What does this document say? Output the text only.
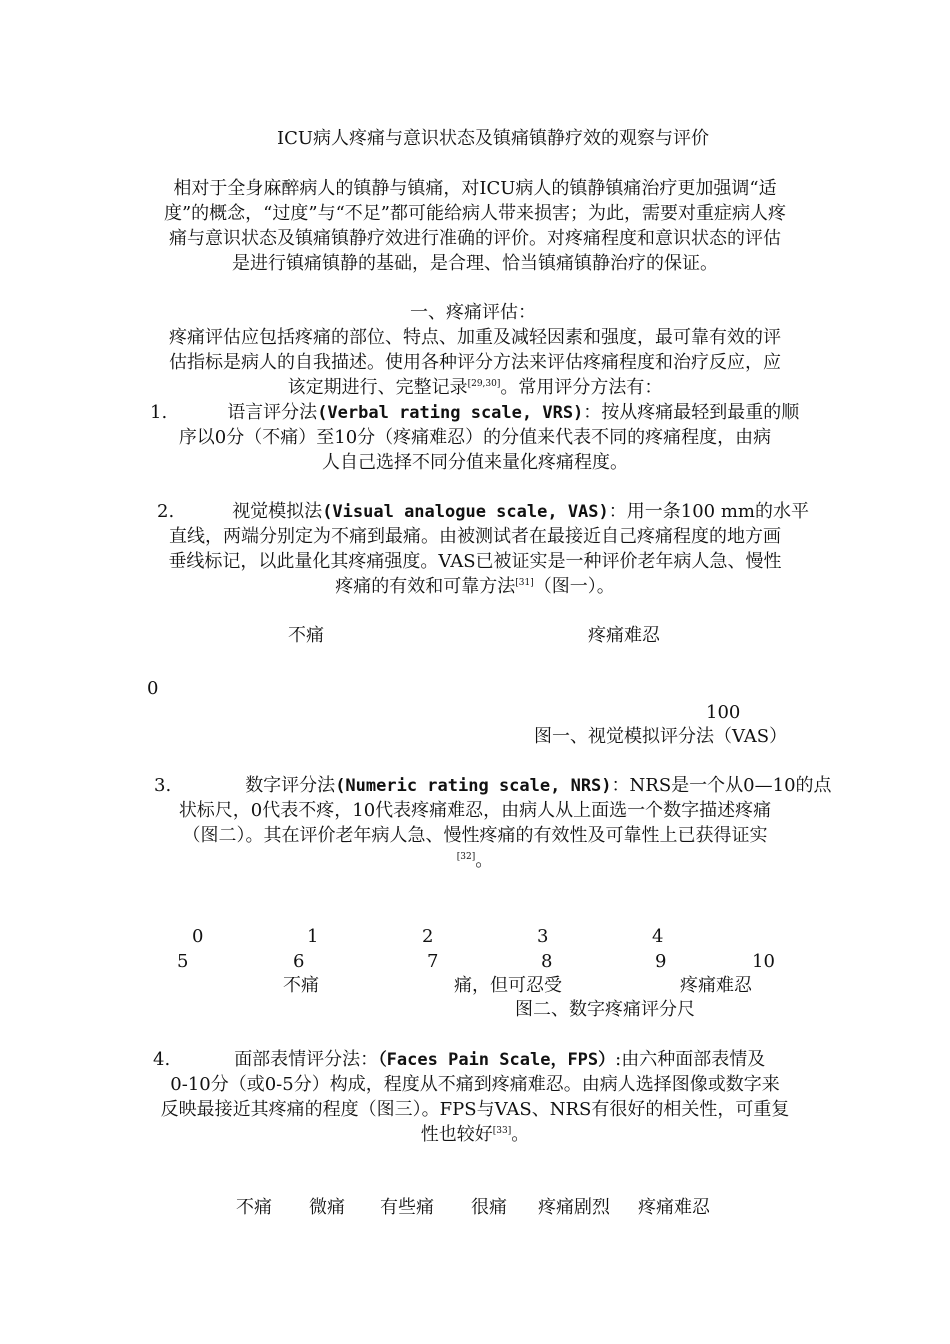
ICU病人疼痛与意识状态及镇痛镇静疗效的观察与评价
相对于全身麻醉病人的镇静与镇痛，对ICU病人的镇静镇痛治疗更加强调“适
度”的概念，“过度”与“不足”都可能给病人带来损害；为此，需要对重症病人疼
痛与意识状态及镇痛镇静疗效进行准确的评价。对疼痛程度和意识状态的评估
是进行镇痛镇静的基础，是合理、恰当镇痛镇静治疗的保证。
一、疼痛评估：
疼痛评估应包括疼痛的部位、特点、加重及减轻因素和强度，最可靠有效的评
估指标是病人的自我描述。使用各种评分方法来评估疼痛程度和治疗反应，应
该定期进行、完整记录[29,30]。常用评分方法有：
1.	语言评分法(Verbal rating scale, VRS)：按从疼痛最轻到最重的顺
序以0分（不痛）至10分（疼痛难忍）的分值来代表不同的疼痛程度，由病
人自己选择不同分值来量化疼痛程度。
2.	视觉模拟法(Visual analogue scale, VAS)：用一条100 mm的水平
直线，两端分别定为不痛到最痛。由被测试者在最接近自己疼痛程度的地方画
垂线标记，以此量化其疼痛强度。VAS已被证实是一种评价老年病人急、慢性
疼痛的有效和可靠方法[31]（图一）。
不痛	疼痛难忍
0
100
图一、视觉模拟评分法（VAS）
3.	数字评分法(Numeric rating scale, NRS)：NRS是一个从0—10的点
状标尺，0代表不疼，10代表疼痛难忍，由病人从上面选一个数字描述疼痛
（图二）。其在评价老年病人急、慢性疼痛的有效性及可靠性上已获得证实
[32]。
0	1	2	3	4
5	6	7	8	9	10
不痛	痛，但可忍受	疼痛难忍
图二、数字疼痛评分尺
4.	面部表情评分法：（Faces Pain Scale，FPS）:由六种面部表情及
0-10分（或0-5分）构成，程度从不痛到疼痛难忍。由病人选择图像或数字来
反映最接近其疼痛的程度（图三）。FPS与VAS、NRS有很好的相关性，可重复
性也较好[33]。
不痛 微痛 有些痛 很痛 疼痛剧烈 疼痛难忍
